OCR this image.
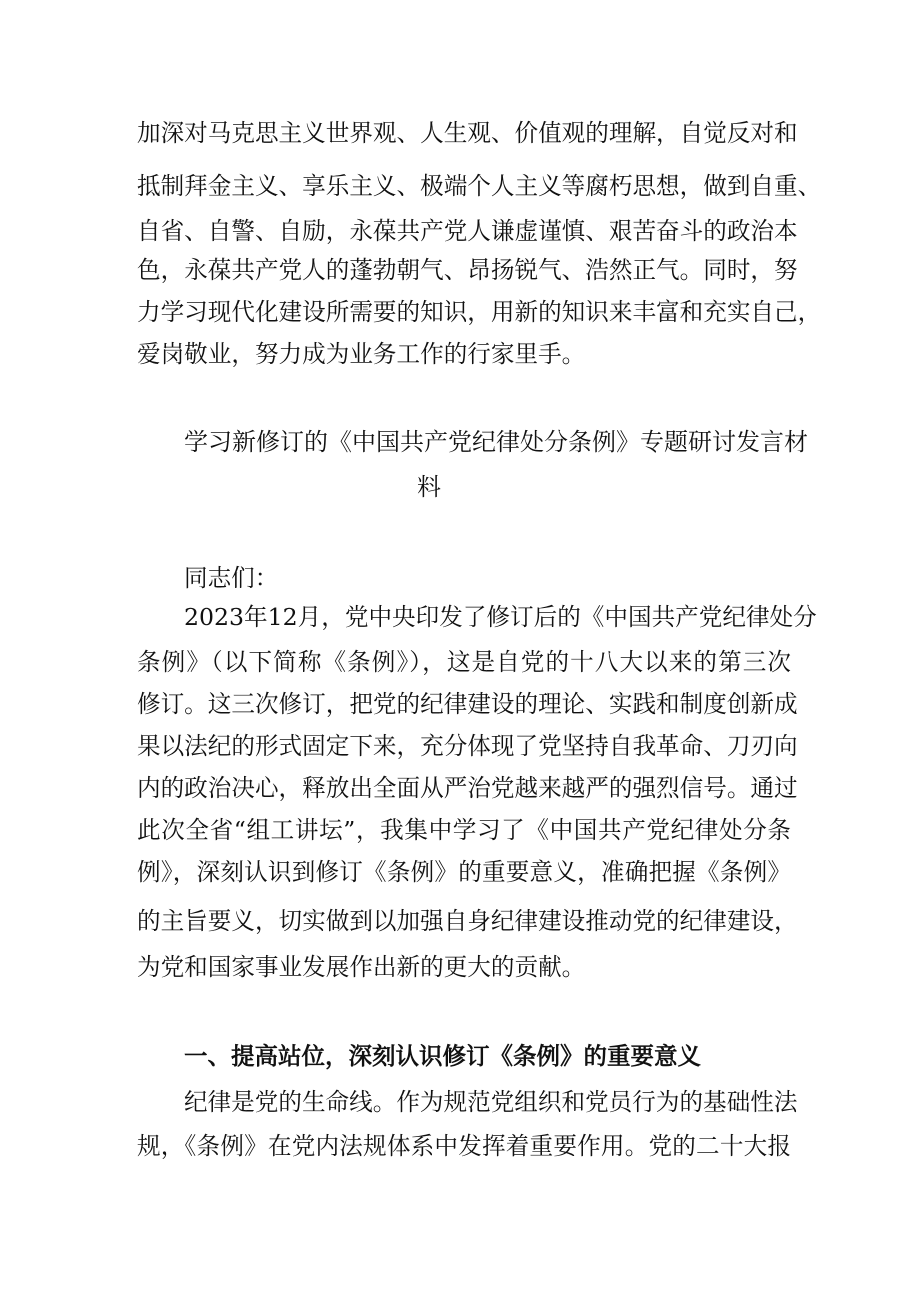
加深对马克思主义世界观、人生观、价值观的理解，自觉反对和
抵制拜金主义、享乐主义、极端个人主义等腐朽思想，做到自重、
自省、自警、自励，永葆共产党人谦虚谨慎、艰苦奋斗的政治本
色，永葆共产党人的蓬勃朝气、昂扬锐气、浩然正气。同时，努
力学习现代化建设所需要的知识，用新的知识来丰富和充实自己，
爱岗敬业，努力成为业务工作的行家里手。
学习新修订的《中国共产党纪律处分条例》专题研讨发言材
料
同志们：
2023年12月，党中央印发了修订后的《中国共产党纪律处分
条例》（以下简称《条例》），这是自党的十八大以来的第三次
修订。这三次修订，把党的纪律建设的理论、实践和制度创新成
果以法纪的形式固定下来，充分体现了党坚持自我革命、刀刃向
内的政治决心，释放出全面从严治党越来越严的强烈信号。通过
此次全省“组工讲坛”，我集中学习了《中国共产党纪律处分条
例》，深刻认识到修订《条例》的重要意义，准确把握《条例》
的主旨要义，切实做到以加强自身纪律建设推动党的纪律建设，
为党和国家事业发展作出新的更大的贡献。
一、提高站位，深刻认识修订《条例》的重要意义
纪律是党的生命线。作为规范党组织和党员行为的基础性法
规，《条例》在党内法规体系中发挥着重要作用。党的二十大报
